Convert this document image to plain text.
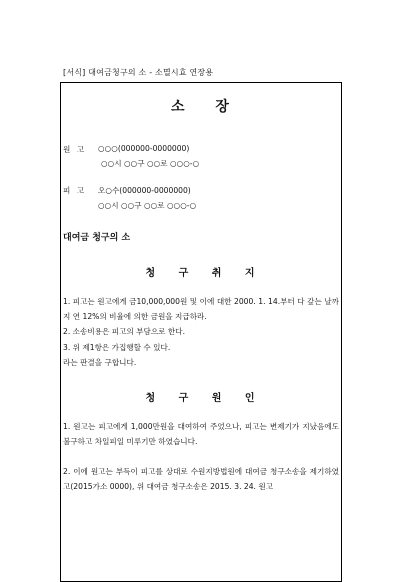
[서식] 대여금청구의 소 - 소멸시효 연장용
소 장
원 고 ○○○(000000-0000000)
○○시 ○○구 ○○로 ○○○-○
피 고 오○수(000000-0000000)
○○시 ○○구 ○○로 ○○○-○
대여금 청구의 소
청 구 취 지
1. 피고는 원고에게 금10,000,000원 및 이에 대한 2000. 1. 14.부터 다 갚는 날까지 연 12%의 비율에 의한 금원을 지급하라.
2. 소송비용은 피고의 부담으로 한다.
3. 위 제1항은 가집행할 수 있다.
라는 판결을 구합니다.
청 구 원 인
1. 원고는 피고에게 1,000만원을 대여하여 주었으나, 피고는 변제기가 지났음에도 불구하고 차일피일 미루기만 하였습니다.
2. 이에 원고는 부득이 피고를 상대로 수원지방법원에 대여금 청구소송을 제기하였고(2015가소 0000), 위 대여금 청구소송은 2015. 3. 24. 원고
